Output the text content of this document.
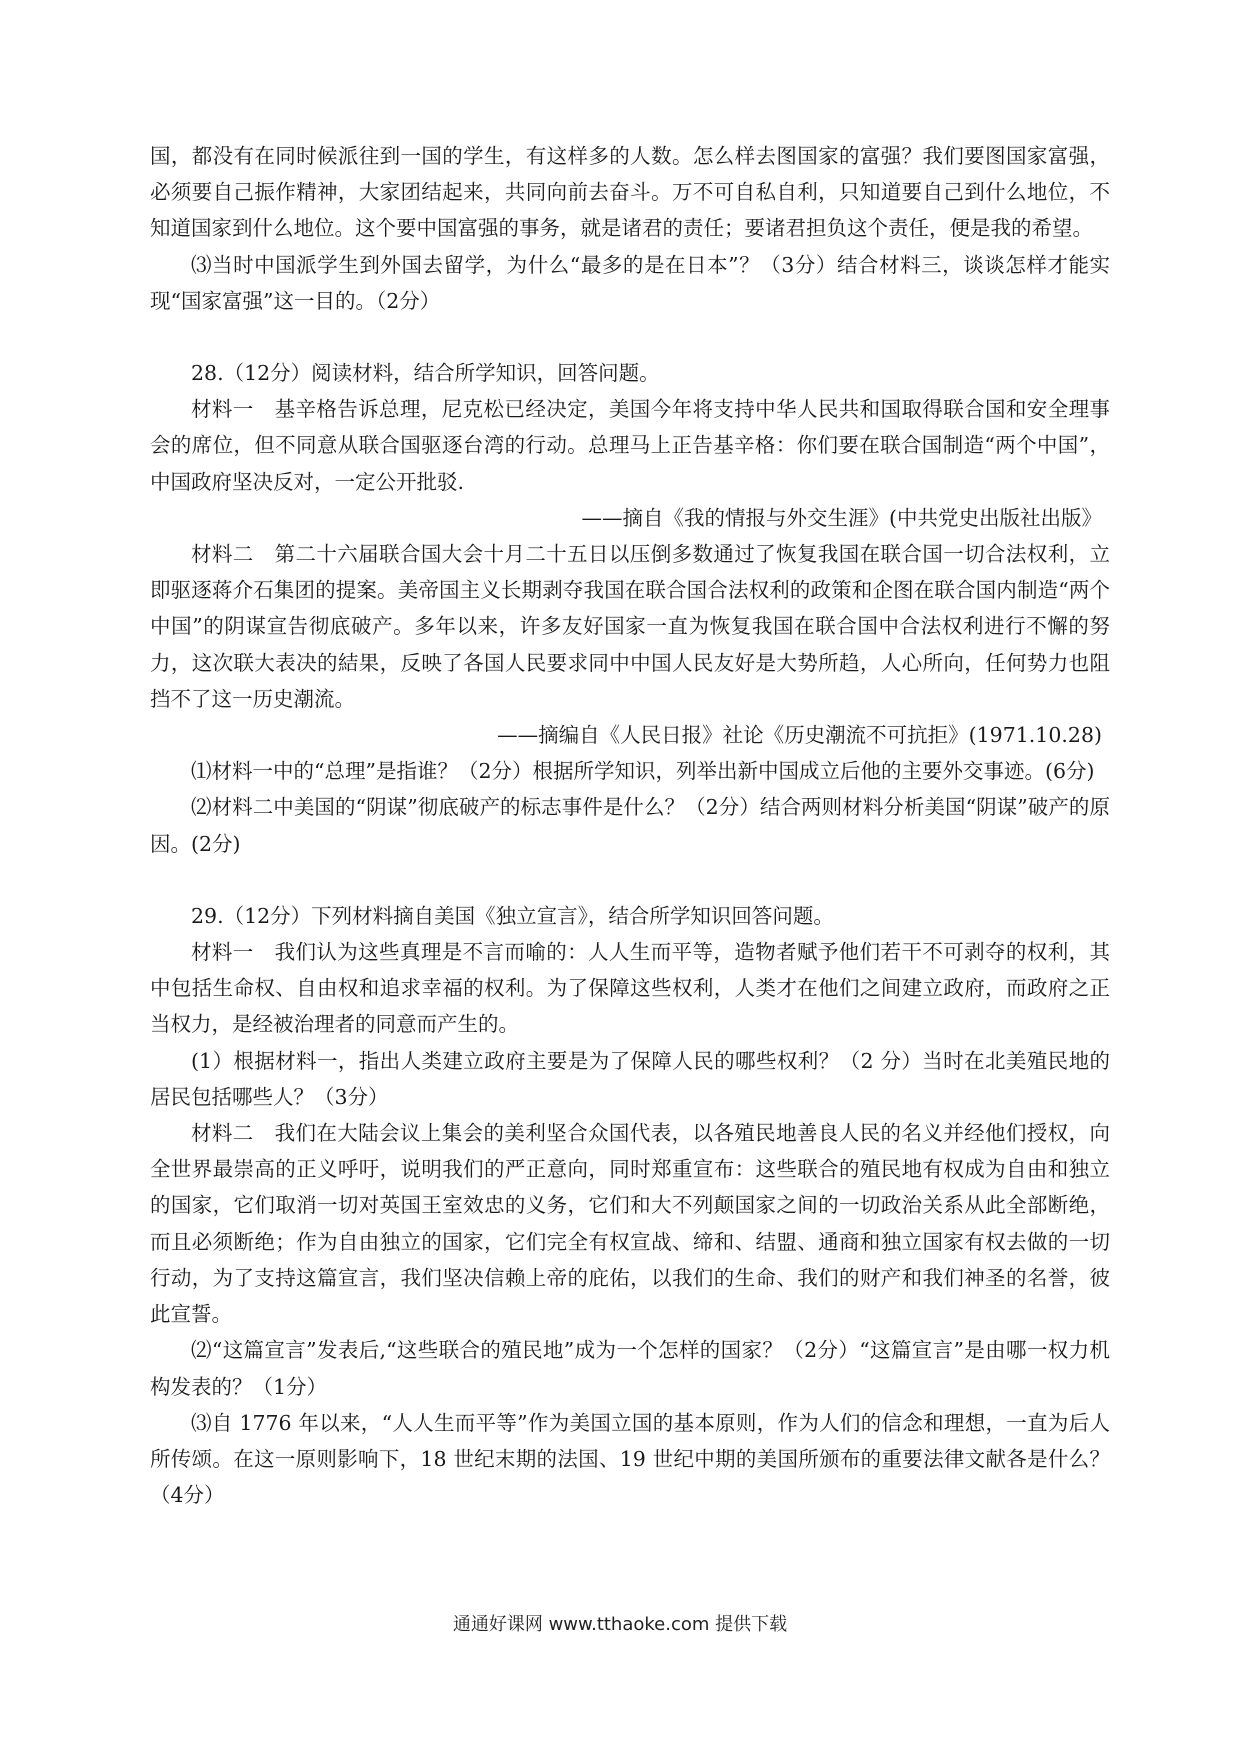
国，都没有在同时候派往到一国的学生，有这样多的人数。怎么样去图国家的富强？我们要图国家富强，必须要自己振作精神，大家团结起来，共同向前去奋斗。万不可自私自利，只知道要自己到什么地位，不知道国家到什么地位。这个要中国富强的事务，就是诸君的责任；要诸君担负这个责任，便是我的希望。

⑶当时中国派学生到外国去留学，为什么“最多的是在日本”？（3分）结合材料三，谈谈怎样才能实现“国家富强”这一目的。（2分）

28.（12分）阅读材料，结合所学知识，回答问题。

材料一　基辛格告诉总理，尼克松已经决定，美国今年将支持中华人民共和国取得联合国和安全理事会的席位，但不同意从联合国驱逐台湾的行动。总理马上正告基辛格：你们要在联合国制造“两个中国”，中国政府坚决反对，一定公开批驳.

——摘自《我的情报与外交生涯》(中共党史出版社出版》

材料二　第二十六届联合国大会十月二十五日以压倒多数通过了恢复我国在联合国一切合法权利，立即驱逐蒋介石集团的提案。美帝国主义长期剥夺我国在联合国合法权利的政策和企图在联合国内制造“两个中国”的阴谋宣告彻底破产。多年以来，许多友好国家一直为恢复我国在联合国中合法权利进行不懈的努力，这次联大表决的結果，反映了各国人民要求同中中国人民友好是大势所趋，人心所向，任何势力也阻挡不了这一历史潮流。

——摘编自《人民日报》社论《历史潮流不可抗拒》(1971.10.28)

⑴材料一中的“总理”是指谁？（2分）根据所学知识，列举出新中国成立后他的主要外交事迹。(6分)

⑵材料二中美国的“阴谋”彻底破产的标志事件是什么？（2分）结合两则材料分析美国“阴谋”破产的原因。(2分)

29.（12分）下列材料摘自美国《独立宣言》，结合所学知识回答问题。

材料一　我们认为这些真理是不言而喻的：人人生而平等，造物者赋予他们若干不可剥夺的权利，其中包括生命权、自由权和追求幸福的权利。为了保障这些权利，人类才在他们之间建立政府，而政府之正当权力，是经被治理者的同意而产生的。

(1）根据材料一，指出人类建立政府主要是为了保障人民的哪些权利？（2 分）当时在北美殖民地的居民包括哪些人？（3分）

材料二　我们在大陆会议上集会的美利坚合众国代表，以各殖民地善良人民的名义并经他们授权，向全世界最崇高的正义呼吁，说明我们的严正意向，同时郑重宣布：这些联合的殖民地有权成为自由和独立的国家，它们取消一切对英国王室效忠的义务，它们和大不列颠国家之间的一切政治关系从此全部断绝，而且必须断绝；作为自由独立的国家，它们完全有权宣战、缔和、结盟、通商和独立国家有权去做的一切行动，为了支持这篇宣言，我们坚决信赖上帝的庇佑，以我们的生命、我们的财产和我们神圣的名誉，彼此宣誓。

⑵“这篇宣言”发表后,“这些联合的殖民地”成为一个怎样的国家？（2分）“这篇宣言”是由哪一权力机构发表的？（1分）

⑶自 1776 年以来，“人人生而平等”作为美国立国的基本原则，作为人们的信念和理想，一直为后人所传颂。在这一原则影响下，18 世纪末期的法国、19 世纪中期的美国所颁布的重要法律文献各是什么？（4分）

通通好课网 www.tthaoke.com 提供下载
